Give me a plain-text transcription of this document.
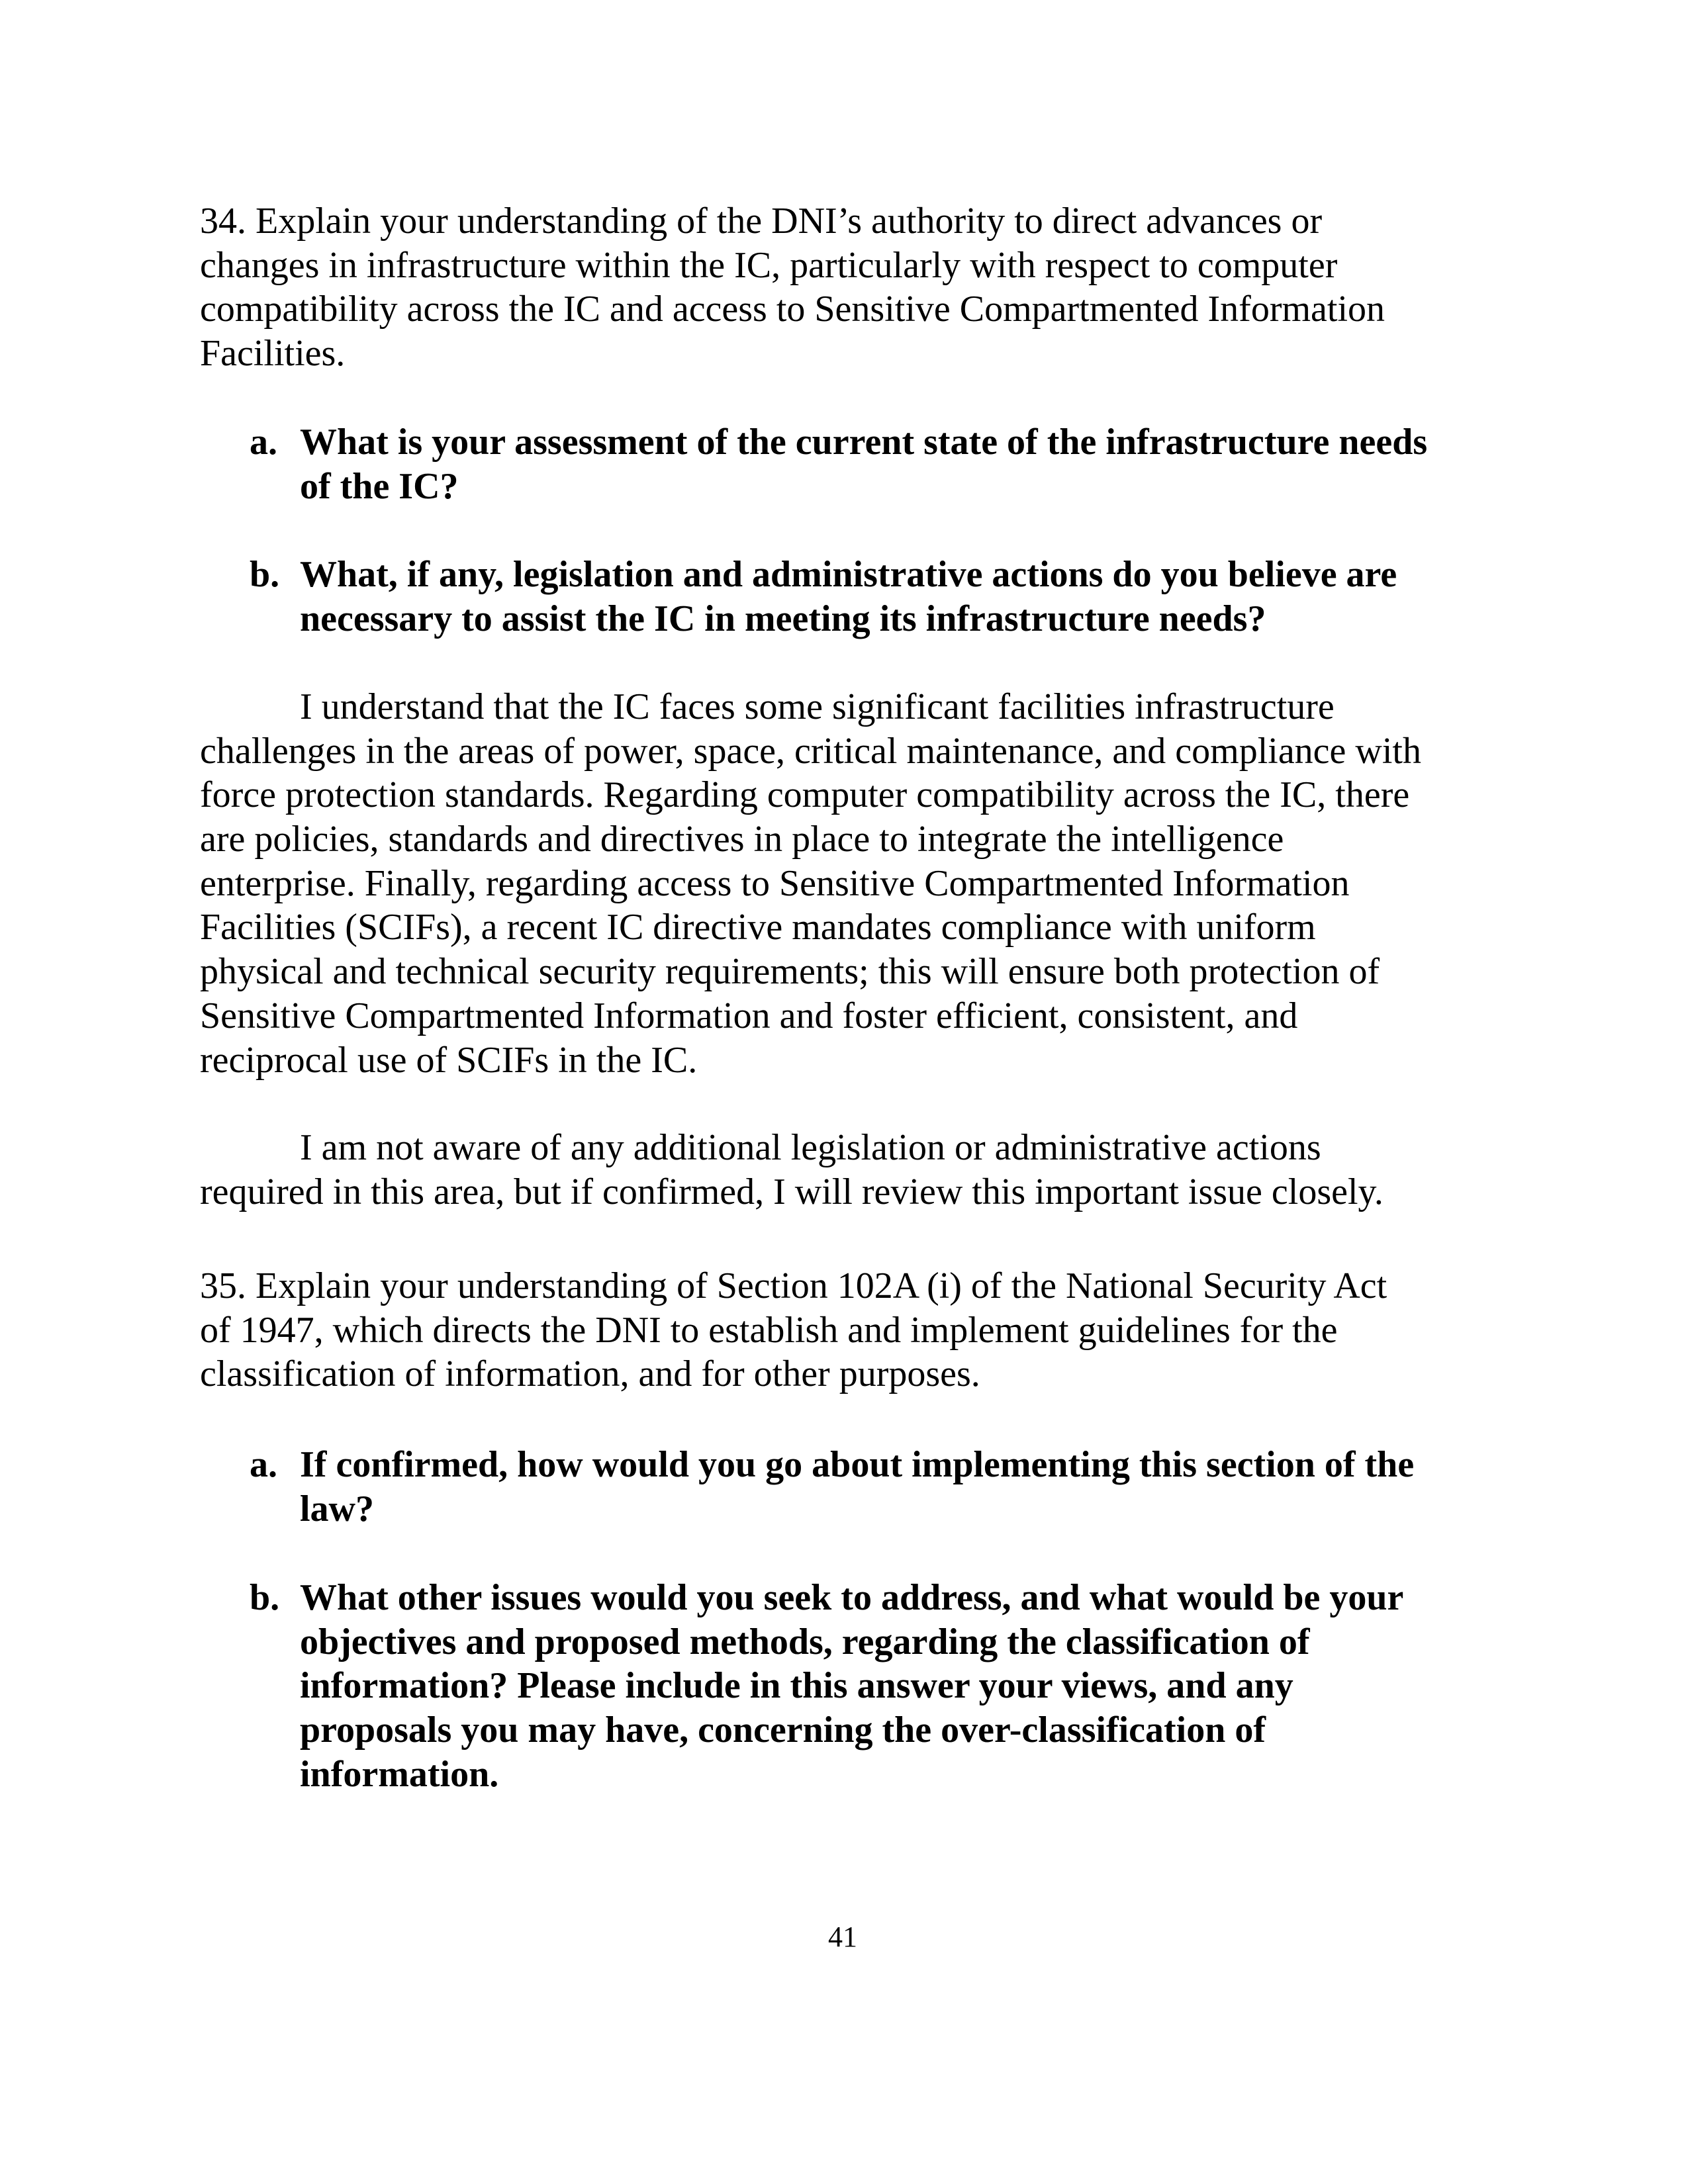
34. Explain your understanding of the DNI’s authority to direct advances or
changes in infrastructure within the IC, particularly with respect to computer
compatibility across the IC and access to Sensitive Compartmented Information
Facilities.
a. What is your assessment of the current state of the infrastructure needs
of the IC?
b. What, if any, legislation and administrative actions do you believe are
necessary to assist the IC in meeting its infrastructure needs?
I understand that the IC faces some significant facilities infrastructure
challenges in the areas of power, space, critical maintenance, and compliance with
force protection standards. Regarding computer compatibility across the IC, there
are policies, standards and directives in place to integrate the intelligence
enterprise. Finally, regarding access to Sensitive Compartmented Information
Facilities (SCIFs), a recent IC directive mandates compliance with uniform
physical and technical security requirements; this will ensure both protection of
Sensitive Compartmented Information and foster efficient, consistent, and
reciprocal use of SCIFs in the IC.
I am not aware of any additional legislation or administrative actions
required in this area, but if confirmed, I will review this important issue closely.
35. Explain your understanding of Section 102A (i) of the National Security Act
of 1947, which directs the DNI to establish and implement guidelines for the
classification of information, and for other purposes.
a. If confirmed, how would you go about implementing this section of the
law?
b. What other issues would you seek to address, and what would be your
objectives and proposed methods, regarding the classification of
information? Please include in this answer your views, and any
proposals you may have, concerning the over-classification of
information.
41
